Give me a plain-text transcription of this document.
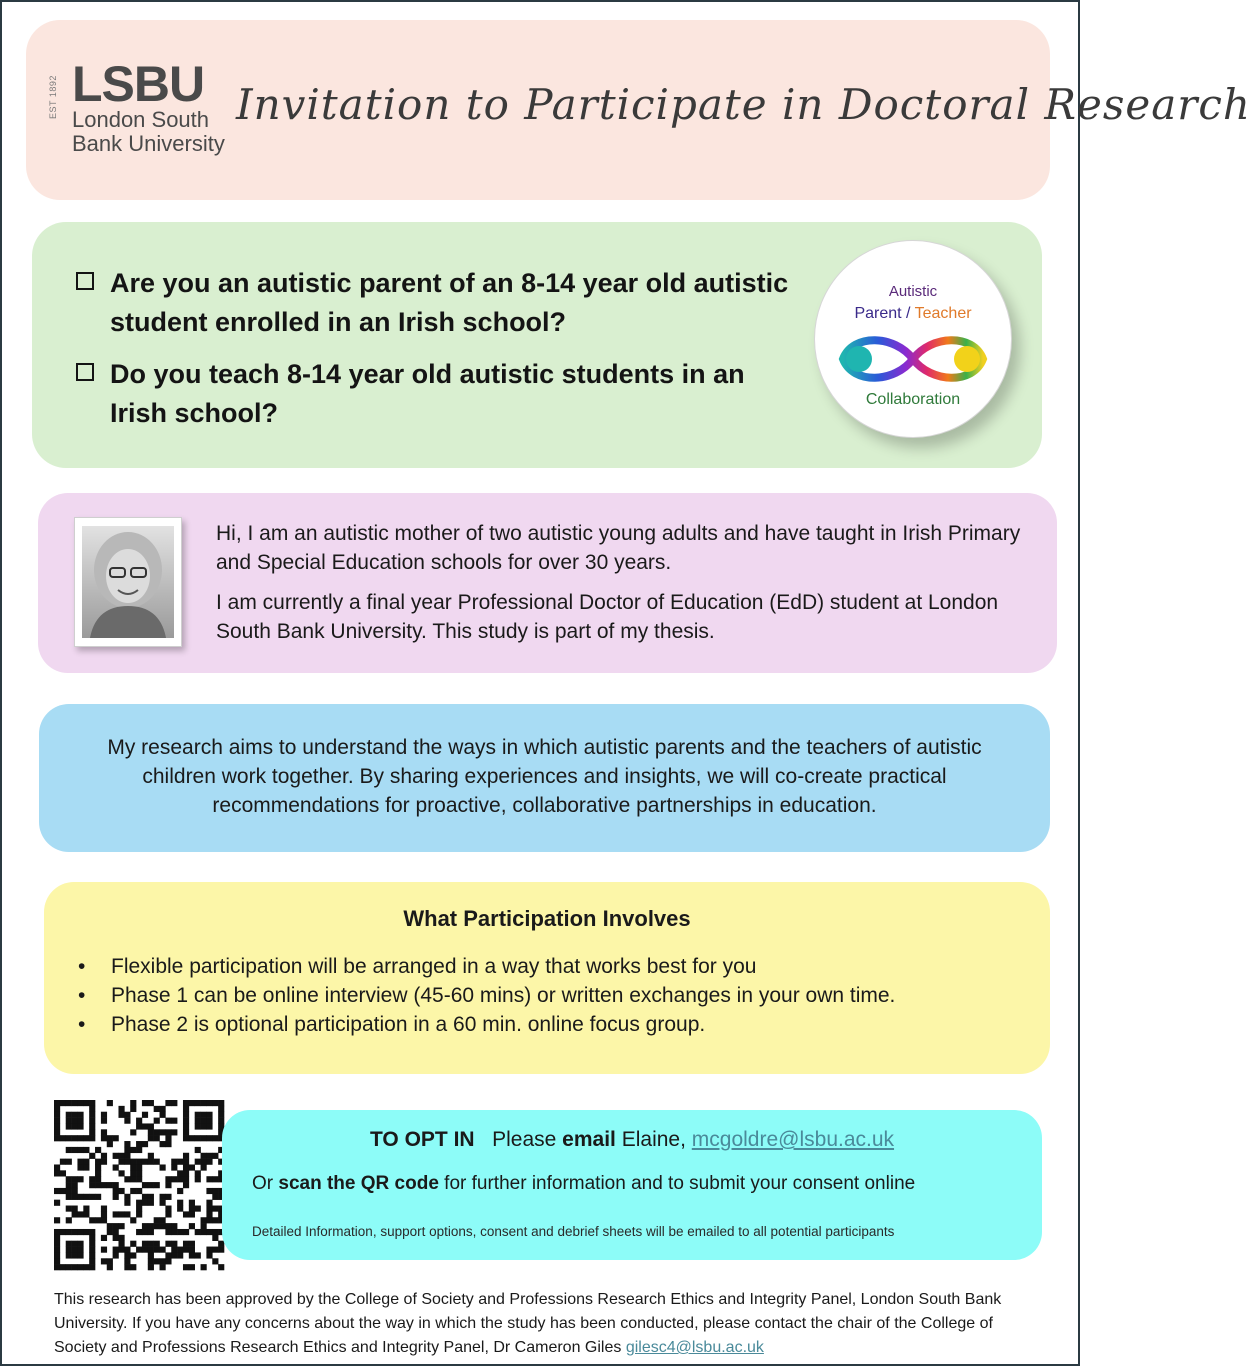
EST 1892 LSBU
London South
Bank University
Invitation to Participate in Doctoral Research
Are you an autistic parent of an 8-14 year old autistic student enrolled in an Irish school?
Do you teach 8-14 year old autistic students in an Irish school?
Autistic
Parent / Teacher
Collaboration

Hi, I am an autistic mother of two autistic young adults and have taught in Irish Primary and Special Education schools for over 30 years.

I am currently a final year Professional Doctor of Education (EdD) student at London South Bank University. This study is part of my thesis.

My research aims to understand the ways in which autistic parents and the teachers of autistic children work together. By sharing experiences and insights, we will co-create practical recommendations for proactive, collaborative partnerships in education.
What Participation Involves
• Flexible participation will be arranged in a way that works best for you
• Phase 1 can be online interview (45-60 mins) or written exchanges in your own time.
• Phase 2 is optional participation in a 60 min. online focus group.
TO OPT IN Please email Elaine, mcgoldre@lsbu.ac.uk
Or scan the QR code for further information and to submit your consent online
Detailed Information, support options, consent and debrief sheets will be emailed to all potential participants
This research has been approved by the College of Society and Professions Research Ethics and Integrity Panel, London South Bank University. If you have any concerns about the way in which the study has been conducted, please contact the chair of the College of Society and Professions Research Ethics and Integrity Panel, Dr Cameron Giles gilesc4@lsbu.ac.uk
